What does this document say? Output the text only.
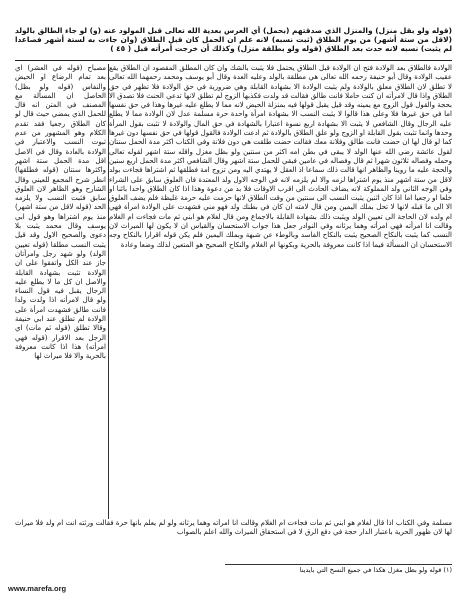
(قوله ولو بقل منزل) والمنزل الذي صدقتهم (بحمل) أي العرس بعدية الله تعالى قبل المولود عنه (و) لو جاء الطالق بالولد (لاقل من ستة أشهر) من يوم الطلاق (ثبت نسبه) لانه علم ان الحمل كان قبل الطلاق (وان جاءت به لستة أشهر فصاعدا لم يثبت) نسبه لانه حدث بعد الطلاق (قوله ولو بطلقة منزل) وكذلك أن خرجت أمرأته قبل ( ٤٥ )
الولادة فالطلاق بعد الولادة فتح ان الولادة قبل الطلاق يحتمل فلا يثبت بالشك وان كان المطلق المقصود ان الطلاق يقع عقيب الولادة وقال أبو حنيفة رحمه الله تعالى هي مطلقة بالولد وعليه العدة وقال أبو يوسف ومحمد رحمهما الله تعالى لا تطلق لان الطلاق معلق بالولادة ولم يثبت الولادة الا بشهادة القابلة وهي ضرورية في حق الولادة فلا تظهر في حق الطلاق واذا قال لامرأته ان كنت حاملا فانت طالق فقالت قد ولدت فكذبها الزوج لم تطلق لانها تدعي الحنث فلا تصدق الا بحجة والقول قول الزوج مع يمينه وقد قيل يقبل قولها فيه بمنزلة الحيض لانه مما لا يطلع عليه غيرها وهذا في حق نفسها اما في حق غيرها فلا وعلى هذا قالوا لا يثبت النسب الا بشهادة امرأة واحدة حرة مسلمة عدل لان الولادة مما لا يطلع عليه الرجال وقال الشافعي لا يثبت الا بشهادة اربع نسوة اعتبارا بالشهادة في حق المال والولادة لا تثبت بقول المرأة وحدها وانما تثبت بقول القابلة او الزوج ولو علق الطلاق بالولادة ثم ادعت الولادة فالقول قولها في حق نفسها دون غيرها كما لو قال لها ان حضت فانت طالق وفلانة معك فقالت حضت طلقت هي دون فلانة وفي الكتاب اكثر مدة الحمل سنتان لقول عائشة رضي الله عنها الولد لا يبقى في بطن امه اكثر من سنتين ولو بظل مغزل واقله ستة اشهر لقوله تعالى وحمله وفصاله ثلاثون شهرا ثم قال وفصاله في عامين فبقي للحمل ستة اشهر وقال الشافعي اكثر مدة الحمل اربع سنين والحجة عليه ما روينا والظاهر انها قالت ذلك سماعا اذ العقل لا يهتدي اليه ومن تزوج امة فطلقها ثم اشتراها فجاءت بولد لاقل من ستة اشهر منذ يوم اشتراها لزمه والا لم يلزمه لانه في الوجه الاول ولد المعتدة فان العلوق سابق على الشراء وفي الوجه الثاني ولد المملوكة لانه يضاف الحادث الى اقرب الاوقات فلا بد من دعوة وهذا اذا كان الطلاق واحدا بائنا او خلعا او رجعيا اما اذا كان اثنين يثبت النسب الى سنتين من وقت الطلاق لانها حرمت عليه حرمة غليظة فلم يضف العلوق الا الى ما قبله لانها لا تحل بملك اليمين ومن قال لامته ان كان في بطنك ولد فهو مني فشهدت على الولادة امرأة فهي ام ولده لان الحاجة الى تعيين الولد ويثبت ذلك بشهادة القابلة بالاجماع ومن قال لغلام هو ابني ثم مات فجاءت ام الغلام وقالت انا امرأته فهي امرأته وهما يرثانه وفي النوادر جعل هذا جواب الاستحسان والقياس ان لا يكون لها الميراث لان النسب كما يثبت بالنكاح الصحيح يثبت بالنكاح الفاسد وبالوطء عن شبهة وبملك اليمين فلم يكن قوله اقرارا بالنكاح وجه الاستحسان ان المسألة فيما اذا كانت معروفة بالحرية وبكونها ام الغلام والنكاح الصحيح هو المتعين لذلك وضعا وعادة
مصباح (قوله في العشر) اي بعد تمام الرضاع او الحيض والنفاس (قوله ولو بظل) الحاصل ان المسألة مع المصنف في المتن انه قال للحمل الذي يمضي حيث قال لو كان الطلاق رجعيا فقد تقدم الكلام وهو المشهور من عدم ثبوت النسب والاعتبار في الولادة بالعادة وقال في الاصل اقل مدة الحمل ستة اشهر واكثرها سنتان (قوله فطلقها) انظر شرح المجمع للعيني وقال الشارح وهو الظاهر لان العلوق سابق فثبت النسب ولا يلزمه الحد (قوله لاقل من ستة اشهر) منذ يوم اشتراها وهو قول ابي يوسف وقال محمد يثبت بلا دعوى والصحيح الاول وقد قيل يثبت النسب مطلقا (قوله تعيين الولد) ولو شهد رجل وامرأتان جاز عند الكل واتفقوا على ان الولادة تثبت بشهادة القابلة والاصل ان كل ما لا يطلع عليه الرجال يقبل فيه قول النساء ولو قال لامرأته اذا ولدت ولدا فانت طالق فشهدت امرأة على الولادة لم تطلق عند ابي حنيفة وقالا تطلق (قوله ثم مات) اي الرجل بعد الاقرار (قوله فهي امرأته) هذا اذا كانت معروفة بالحرية والا فلا ميراث لها
مسلمة وفي الكتاب اذا قال لغلام هو ابني ثم مات فجاءت ام الغلام وقالت انا امرأته وهما يرثانه ولو لم يعلم بانها حرة فقالت ورثته انت ام ولد فلا ميراث لها لان ظهور الحرية باعتبار الدار حجة في دفع الرق لا في استحقاق الميراث والله اعلم بالصواب
(١) قوله ولو بظل مغزل هكذا في جميع النسخ التي بايدينا
www.marefa.org
